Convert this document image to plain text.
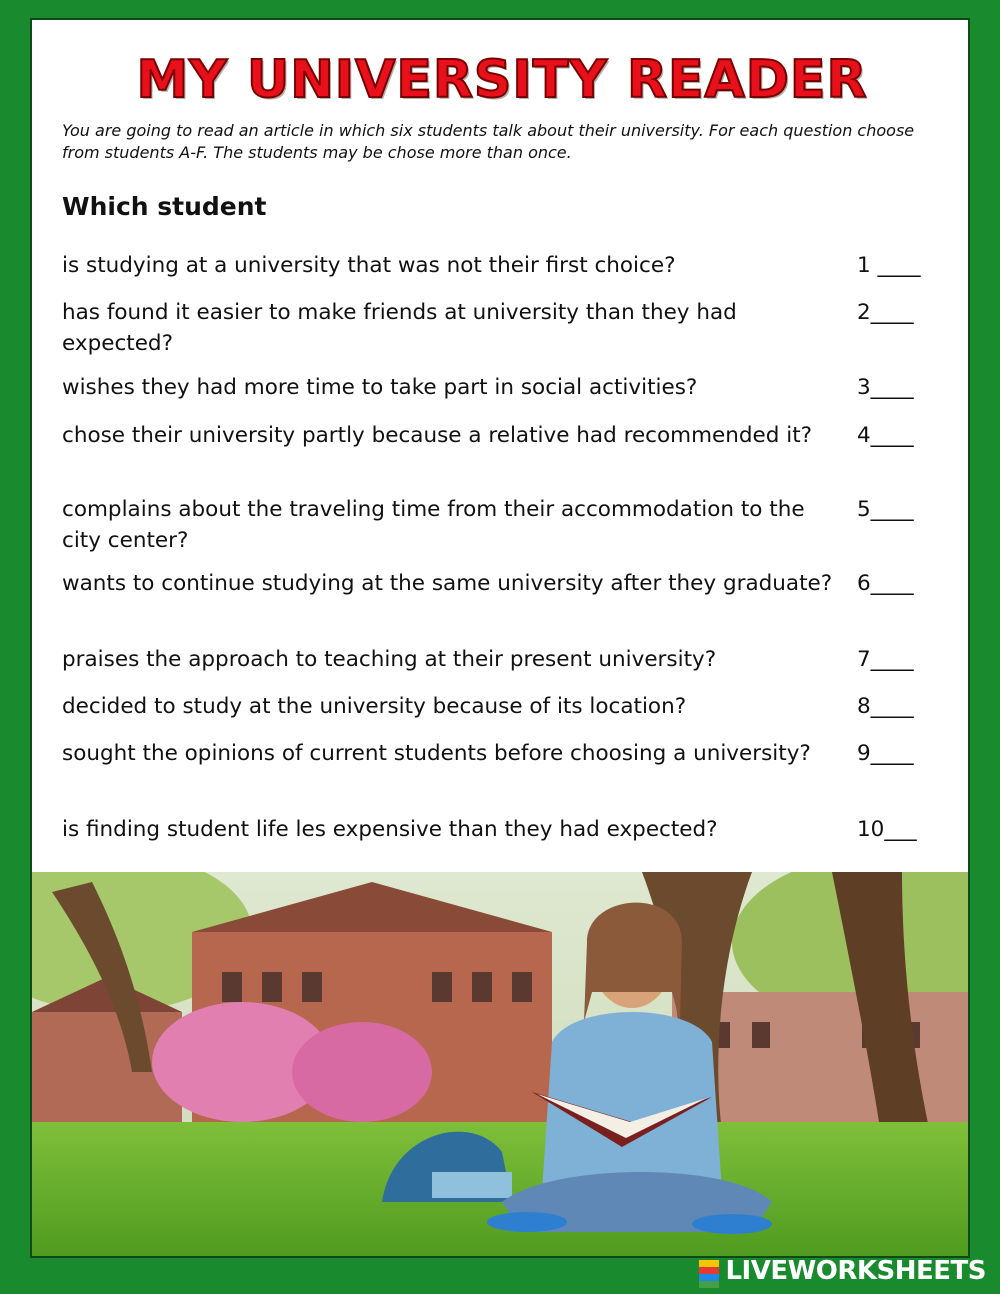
MY UNIVERSITY READER

You are going to read an article in which six students talk about their university. For each question choose from students A-F. The students may be chose more than once.

Which student
is studying at a university that was not their first choice?	1 ____
has found it easier to make friends at university than they had expected?
2____
wishes they had more time to take part in social activities?	3____
chose their university partly because a relative had recommended it?	4____
complains about the traveling time from their accommodation to the city center?
5____
wants to continue studying at the same university after they graduate?	6____
praises the approach to teaching at their present university?	7____
decided to study at the university because of its location?	8____
sought the opinions of current students before choosing a university?	9____
is finding student life les expensive than they had expected?	10___
LIVEWORKSHEETS
